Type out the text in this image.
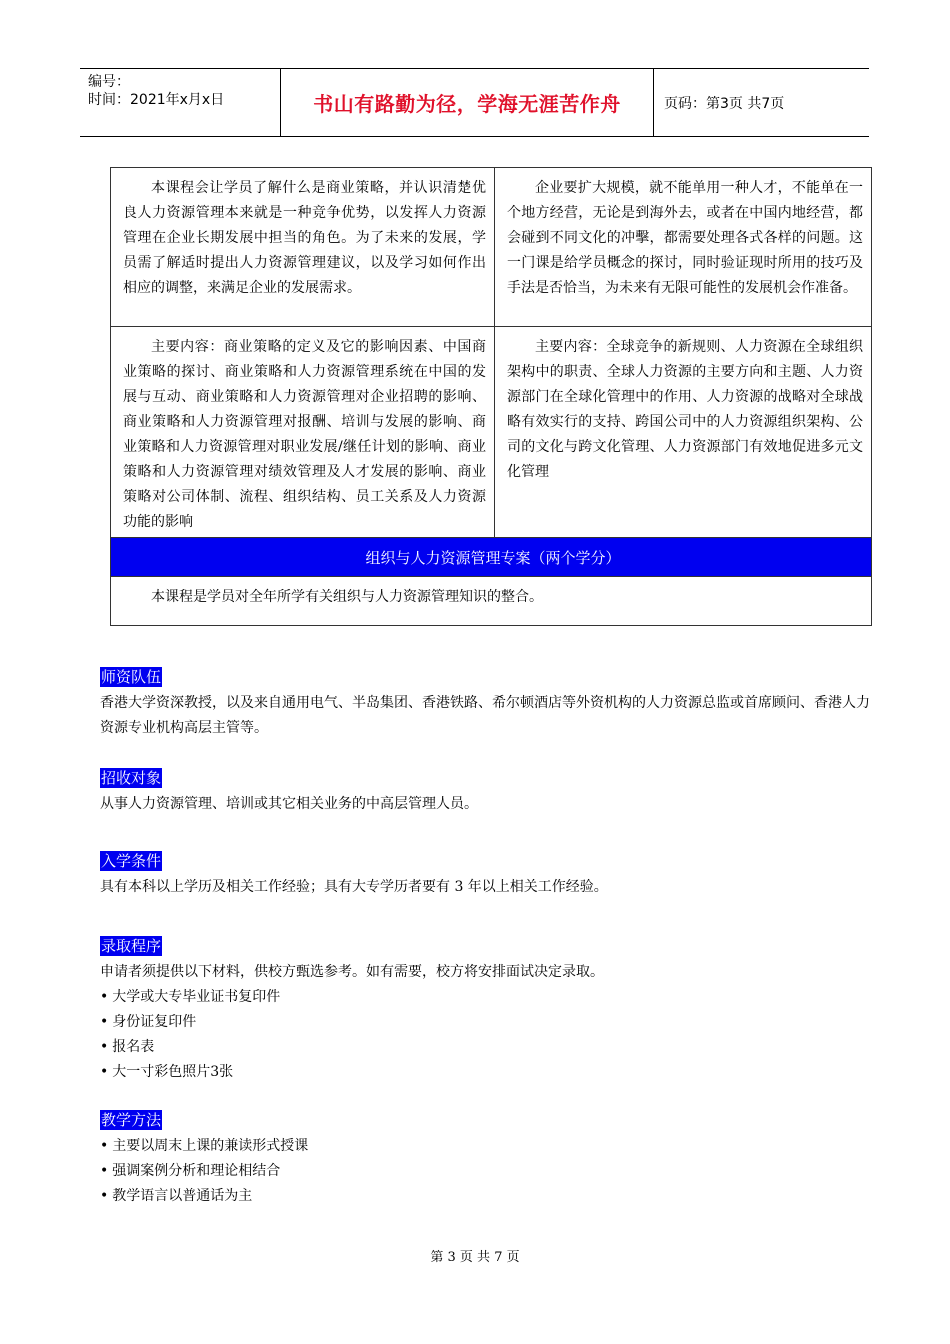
编号：
时间：2021年x月x日	书山有路勤为径，学海无涯苦作舟	页码：第3页 共7页

本课程会让学员了解什么是商业策略，并认识清楚优良人力资源管理本来就是一种竞争优势，以发挥人力资源管理在企业长期发展中担当的角色。为了未来的发展，学员需了解适时提出人力资源管理建议，以及学习如何作出相应的调整，来满足企业的发展需求。	企业要扩大规模，就不能单用一种人才，不能单在一个地方经营，无论是到海外去，或者在中国内地经营，都会碰到不同文化的冲擊，都需要处理各式各样的问题。这一门课是给学员概念的探讨，同时验证现时所用的技巧及手法是否恰当，为未来有无限可能性的发展机会作准备。

主要内容：商业策略的定义及它的影响因素、中国商业策略的探讨、商业策略和人力资源管理系统在中国的发展与互动、商业策略和人力资源管理对企业招聘的影响、商业策略和人力资源管理对报酬、培训与发展的影响、商业策略和人力资源管理对职业发展/继任计划的影响、商业策略和人力资源管理对绩效管理及人才发展的影响、商业策略对公司体制、流程、组织结构、员工关系及人力资源功能的影响	主要内容：全球竞争的新规则、人力资源在全球组织架构中的职责、全球人力资源的主要方向和主题、人力资源部门在全球化管理中的作用、人力资源的战略对全球战略有效实行的支持、跨国公司中的人力资源组织架构、公司的文化与跨文化管理、人力资源部门有效地促进多元文化管理

组织与人力资源管理专案（两个学分）	

本课程是学员对全年所学有关组织与人力资源管理知识的整合。	

师资队伍

香港大学资深教授，以及来自通用电气、半岛集团、香港铁路、希尔顿酒店等外资机构的人力资源总监或首席顾问、香港人力资源专业机构高层主管等。

招收对象

从事人力资源管理、培训或其它相关业务的中高层管理人员。

入学条件

具有本科以上学历及相关工作经验；具有大专学历者要有 3 年以上相关工作经验。

录取程序

申请者须提供以下材料，供校方甄选参考。如有需要，校方将安排面试决定录取。

• 大学或大专毕业证书复印件
• 身份证复印件
• 报名表
• 大一寸彩色照片3张
教学方法
• 主要以周末上课的兼读形式授课
• 强调案例分析和理论相结合
• 教学语言以普通话为主
第 3 页 共 7 页
